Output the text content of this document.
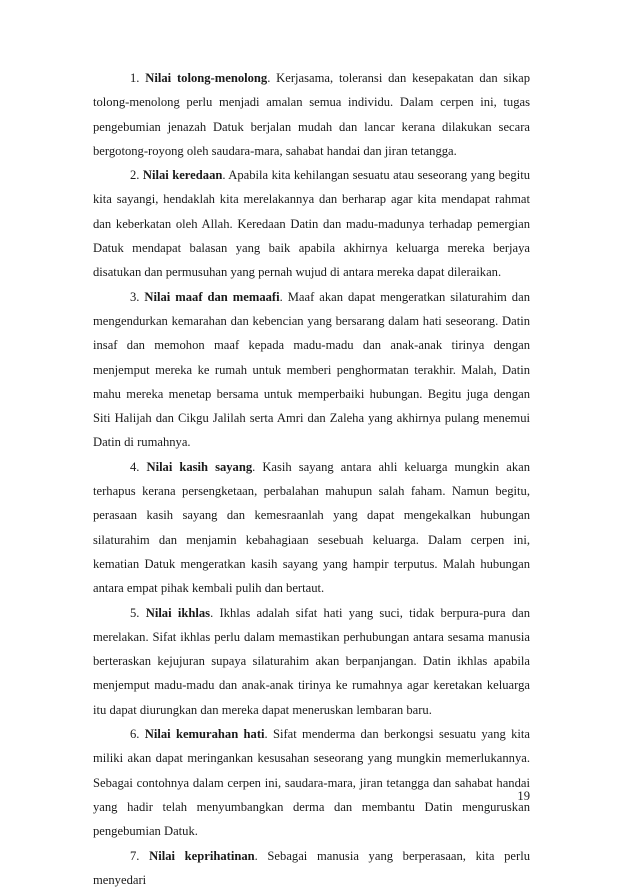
1. Nilai tolong-menolong. Kerjasama, toleransi dan kesepakatan dan sikap tolong-menolong perlu menjadi amalan semua individu. Dalam cerpen ini, tugas pengebumian jenazah Datuk berjalan mudah dan lancar kerana dilakukan secara bergotong-royong oleh saudara-mara, sahabat handai dan jiran tetangga.

2. Nilai keredaan. Apabila kita kehilangan sesuatu atau seseorang yang begitu kita sayangi, hendaklah kita merelakannya dan berharap agar kita mendapat rahmat dan keberkatan oleh Allah. Keredaan Datin dan madu-madunya terhadap pemergian Datuk mendapat balasan yang baik apabila akhirnya keluarga mereka berjaya disatukan dan permusuhan yang pernah wujud di antara mereka dapat dileraikan.

3. Nilai maaf dan memaafi. Maaf akan dapat mengeratkan silaturahim dan mengendurkan kemarahan dan kebencian yang bersarang dalam hati seseorang. Datin insaf dan memohon maaf kepada madu-madu dan anak-anak tirinya dengan menjemput mereka ke rumah untuk memberi penghormatan terakhir. Malah, Datin mahu mereka menetap bersama untuk memperbaiki hubungan. Begitu juga dengan Siti Halijah dan Cikgu Jalilah serta Amri dan Zaleha yang akhirnya pulang menemui Datin di rumahnya.

4. Nilai kasih sayang. Kasih sayang antara ahli keluarga mungkin akan terhapus kerana persengketaan, perbalahan mahupun salah faham. Namun begitu, perasaan kasih sayang dan kemesraanlah yang dapat mengekalkan hubungan silaturahim dan menjamin kebahagiaan sesebuah keluarga. Dalam cerpen ini, kematian Datuk mengeratkan kasih sayang yang hampir terputus. Malah hubungan antara empat pihak kembali pulih dan bertaut.

5. Nilai ikhlas. Ikhlas adalah sifat hati yang suci, tidak berpura-pura dan merelakan. Sifat ikhlas perlu dalam memastikan perhubungan antara sesama manusia berteraskan kejujuran supaya silaturahim akan berpanjangan. Datin ikhlas apabila menjemput madu-madu dan anak-anak tirinya ke rumahnya agar keretakan keluarga itu dapat diurungkan dan mereka dapat meneruskan lembaran baru.

6. Nilai kemurahan hati. Sifat menderma dan berkongsi sesuatu yang kita miliki akan dapat meringankan kesusahan seseorang yang mungkin memerlukannya. Sebagai contohnya dalam cerpen ini, saudara-mara, jiran tetangga dan sahabat handai yang hadir telah menyumbangkan derma dan membantu Datin menguruskan pengebumian Datuk.

7. Nilai keprihatinan. Sebagai manusia yang berperasaan, kita perlu menyedari

19
